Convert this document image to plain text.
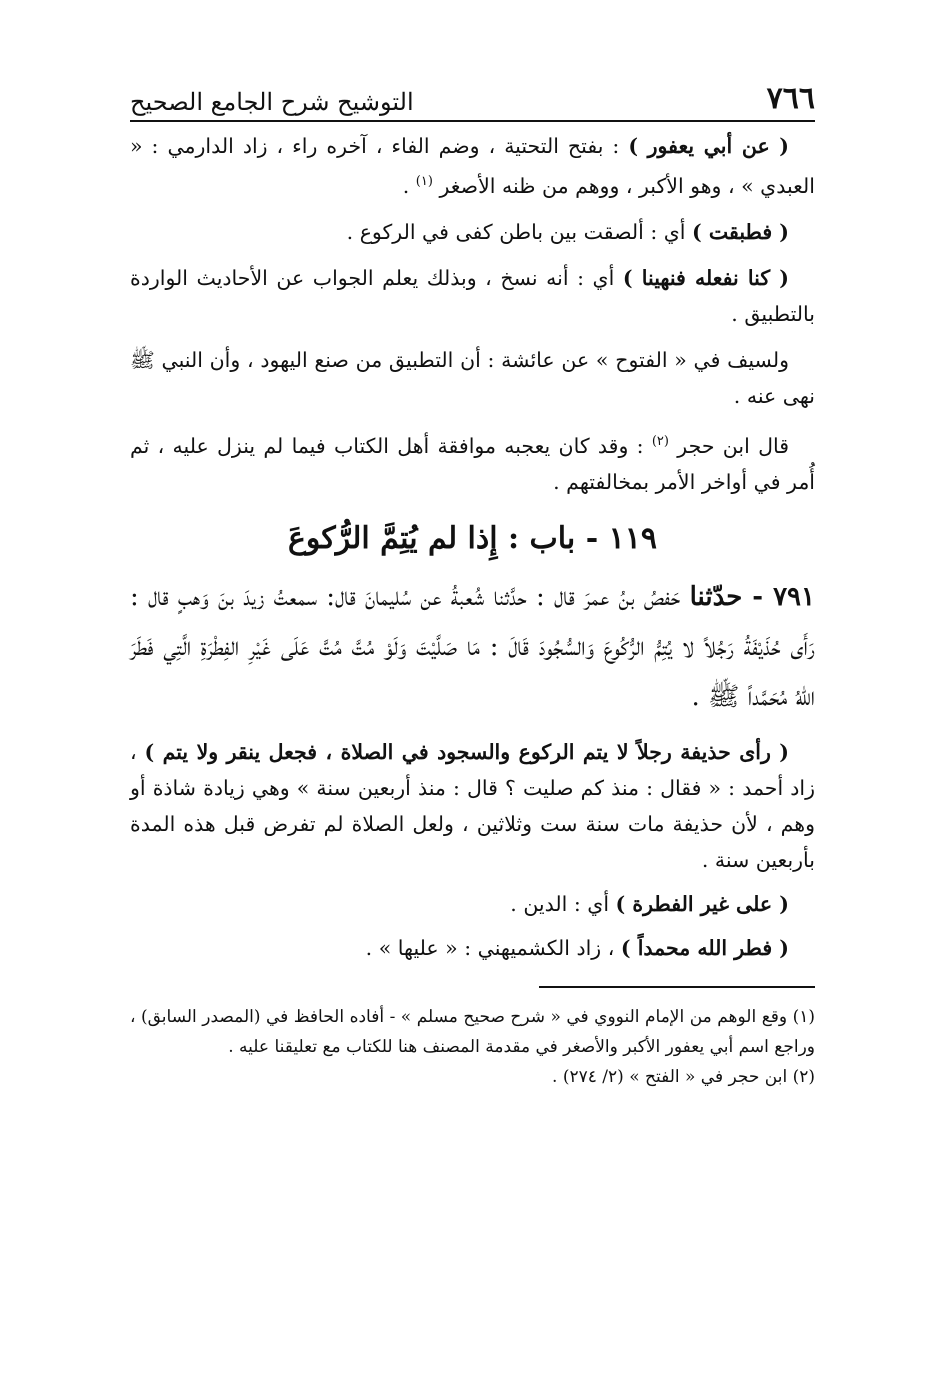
٧٦٦
التوشيح شرح الجامع الصحيح

( عن أبي يعفور ) : بفتح التحتية ، وضم الفاء ، آخره راء ، زاد الدارمي : « العبدي » ، وهو الأكبر ، ووهم من ظنه الأصغر $^{(١)}$ .

( فطبقت ) أي : ألصقت بين باطن كفى في الركوع .

( كنا نفعله فنهينا ) أي : أنه نسخ ، وبذلك يعلم الجواب عن الأحاديث الواردة بالتطبيق .

ولسيف في « الفتوح » عن عائشة : أن التطبيق من صنع اليهود ، وأن النبي ﷺ نهى عنه .

قال ابن حجر $^{(٢)}$ : وقد كان يعجبه موافقة أهل الكتاب فيما لم ينزل عليه ، ثم أُمر في أواخر الأمر بمخالفتهم .

١١٩ - باب : إِذا لم يُتِمَّ الرُّكوعَ

٧٩١ - حدّثنا حَفصُ بنُ عمرَ قال : حدَّثنا شُعبةُ عن سُليمانَ قال: سمعتُ زيدَ بنَ وَهبٍ قال : رَأَى حُذَيْفَةُ رَجُلاً لا يُتِمُّ الرُّكُوعَ وَالسُّجُودَ قَالَ : مَا صَلَّيْتَ وَلَوْ مُتَّ مُتَّ عَلَى غَيْرِ الفِطْرَةِ الَّتِي فَطَرَ اللهُ مُحَمَّداً ﷺ .

( رأى حذيفة رجلاً لا يتم الركوع والسجود في الصلاة ، فجعل ينقر ولا يتم ) ، زاد أحمد : « فقال : منذ كم صليت ؟ قال : منذ أربعين سنة » وهي زيادة شاذة أو وهم ، لأن حذيفة مات سنة ست وثلاثين ، ولعل الصلاة لم تفرض قبل هذه المدة بأربعين سنة .

( على غير الفطرة ) أي : الدين .

( فطر الله محمداً ) ، زاد الكشميهني : « عليها » .

(١) وقع الوهم من الإمام النووي في « شرح صحيح مسلم » - أفاده الحافظ في (المصدر السابق) ، وراجع اسم أبي يعفور الأكبر والأصغر في مقدمة المصنف هنا للكتاب مع تعليقنا عليه .

(٢) ابن حجر في « الفتح » (٢/ ٢٧٤) .
